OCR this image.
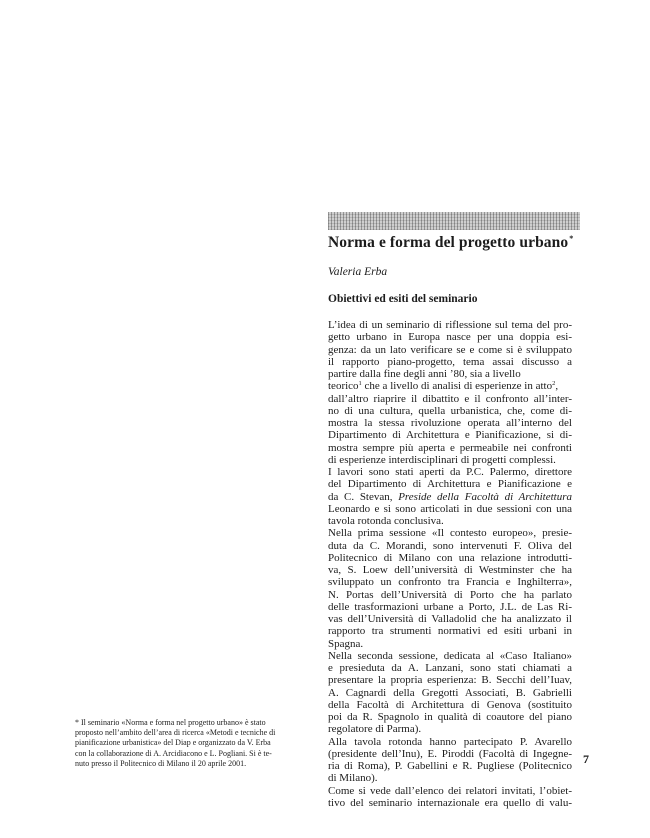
Norma e forma del progetto urbano*

Valeria Erba

Obiettivi ed esiti del seminario
L’idea di un seminario di riflessione sul tema del pro-
getto urbano in Europa nasce per una doppia esi-
genza: da un lato verificare se e come si è sviluppato
il rapporto piano-progetto, tema assai discusso a
partire dalla fine degli anni ’80, sia a livello
teorico$^1$ che a livello di analisi di esperienze in atto$^2$,
dall’altro riaprire il dibattito e il confronto all’inter-
no di una cultura, quella urbanistica, che, come di-
mostra la stessa rivoluzione operata all’interno del
Dipartimento di Architettura e Pianificazione, si di-
mostra sempre più aperta e permeabile nei confronti
di esperienze interdisciplinari di progetti complessi.
I lavori sono stati aperti da P.C. Palermo, direttore
del Dipartimento di Architettura e Pianificazione e
da C. Stevan, Preside della Facoltà di Architettura
Leonardo e si sono articolati in due sessioni con una
tavola rotonda conclusiva.
Nella prima sessione «Il contesto europeo», presie-
duta da C. Morandi, sono intervenuti F. Oliva del
Politecnico di Milano con una relazione introdutti-
va, S. Loew dell’università di Westminster che ha
sviluppato un confronto tra Francia e Inghilterra»,
N. Portas dell’Università di Porto che ha parlato
delle trasformazioni urbane a Porto, J.L. de Las Ri-
vas dell’Università di Valladolid che ha analizzato il
rapporto tra strumenti normativi ed esiti urbani in
Spagna.
Nella seconda sessione, dedicata al «Caso Italiano»
e presieduta da A. Lanzani, sono stati chiamati a
presentare la propria esperienza: B. Secchi dell’Iuav,
A. Cagnardi della Gregotti Associati, B. Gabrielli
della Facoltà di Architettura di Genova (sostituito
poi da R. Spagnolo in qualità di coautore del piano
regolatore di Parma).
Alla tavola rotonda hanno partecipato P. Avarello
(presidente dell’Inu), E. Piroddi (Facoltà di Ingegne-
ria di Roma), P. Gabellini e R. Pugliese (Politecnico
di Milano).
Come si vede dall’elenco dei relatori invitati, l’obiet-
tivo del seminario internazionale era quello di valu-
* Il seminario «Norma e forma nel progetto urbano» è stato
proposto nell’ambito dell’area di ricerca «Metodi e tecniche di
pianificazione urbanistica» del Diap e organizzato da V. Erba
con la collaborazione di A. Arcidiacono e L. Pogliani. Si è te-
nuto presso il Politecnico di Milano il 20 aprile 2001.	7
